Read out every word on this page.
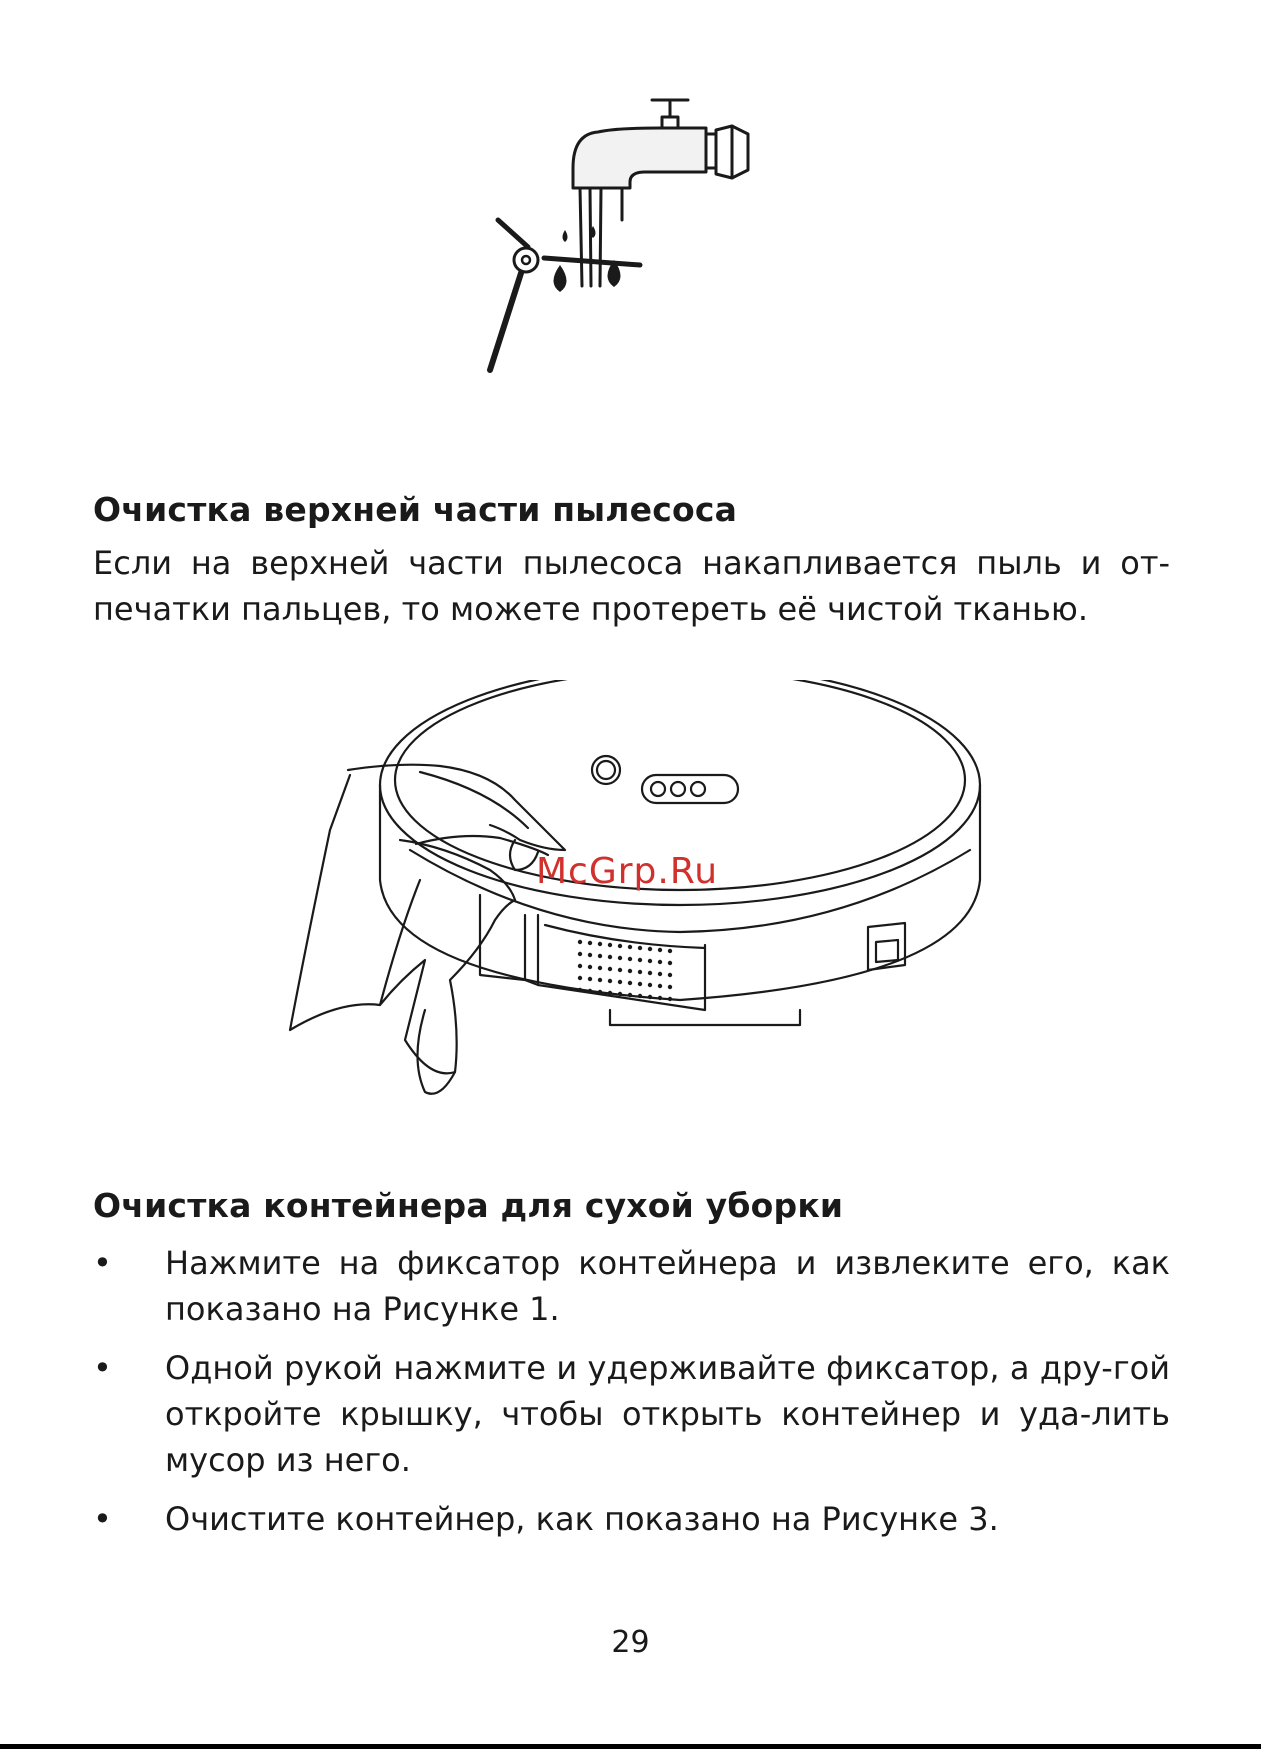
Очистка верхней части пылесоса

Если на верхней части пылесоса накапливается пыль и от-печатки пальцев, то можете протереть её чистой тканью.

McGrp.Ru
Очистка контейнера для сухой уборки
• Нажмите на фиксатор контейнера и извлеките его, как показано на Рисунке 1.
• Одной рукой нажмите и удерживайте фиксатор, а дру-гой откройте крышку, чтобы открыть контейнер и уда-лить мусор из него.
• Очистите контейнер, как показано на Рисунке 3.
29
